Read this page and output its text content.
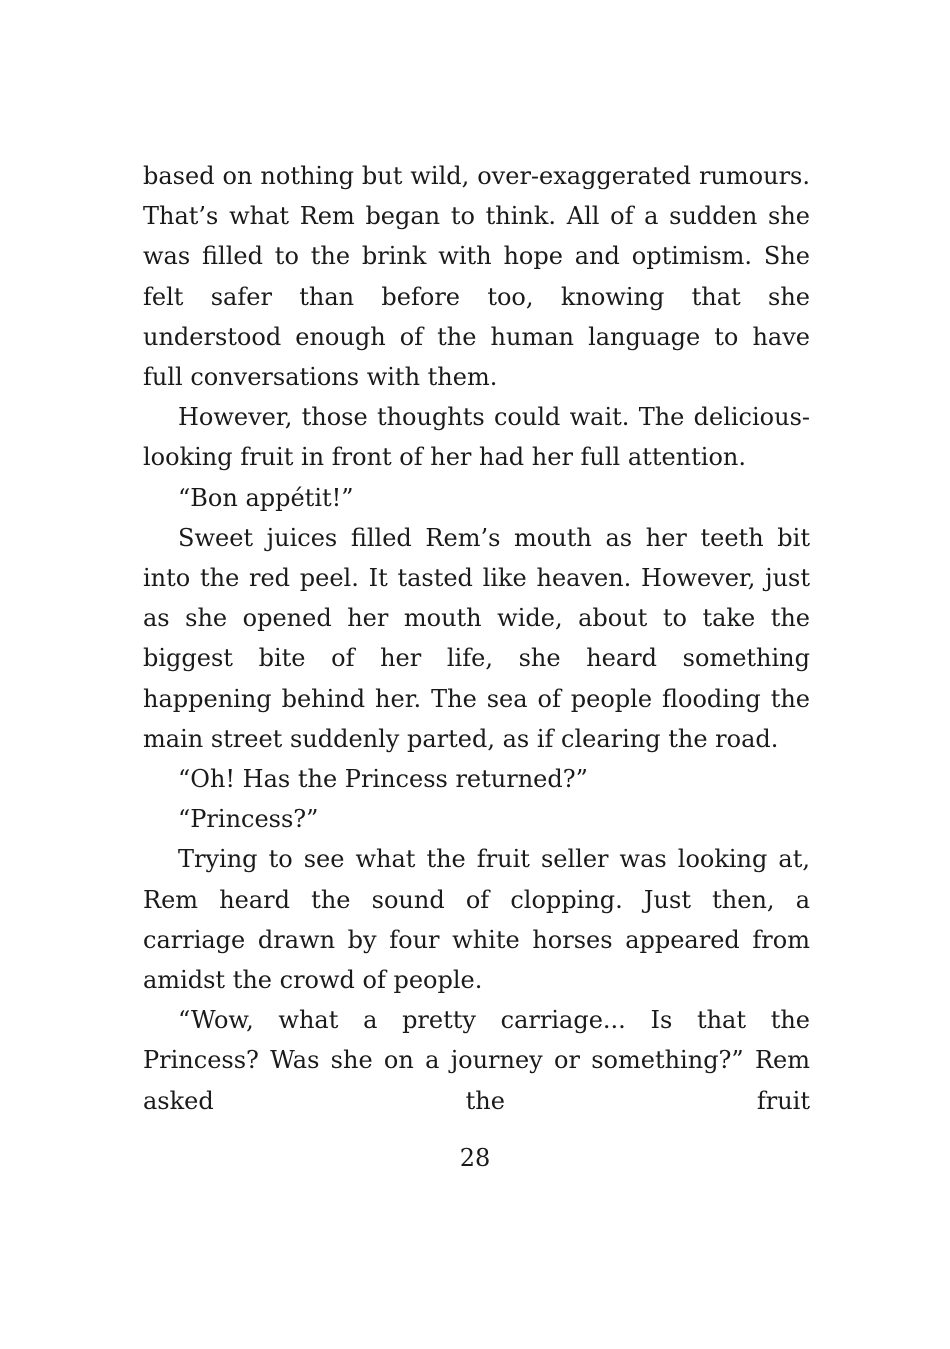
based on nothing but wild, over-exaggerated rumours. That’s what Rem began to think. All of a sudden she was filled to the brink with hope and optimism. She felt safer than before too, knowing that she understood enough of the human language to have full conversations with them.

However, those thoughts could wait. The delicious-looking fruit in front of her had her full attention.

“Bon appétit!”

Sweet juices filled Rem’s mouth as her teeth bit into the red peel. It tasted like heaven. However, just as she opened her mouth wide, about to take the biggest bite of her life, she heard something happening behind her. The sea of people flooding the main street suddenly parted, as if clearing the road.

“Oh! Has the Princess returned?”

“Princess?”

Trying to see what the fruit seller was looking at, Rem heard the sound of clopping. Just then, a carriage drawn by four white horses appeared from amidst the crowd of people.

“Wow, what a pretty carriage... Is that the Princess? Was she on a journey or something?” Rem asked the fruit

28
